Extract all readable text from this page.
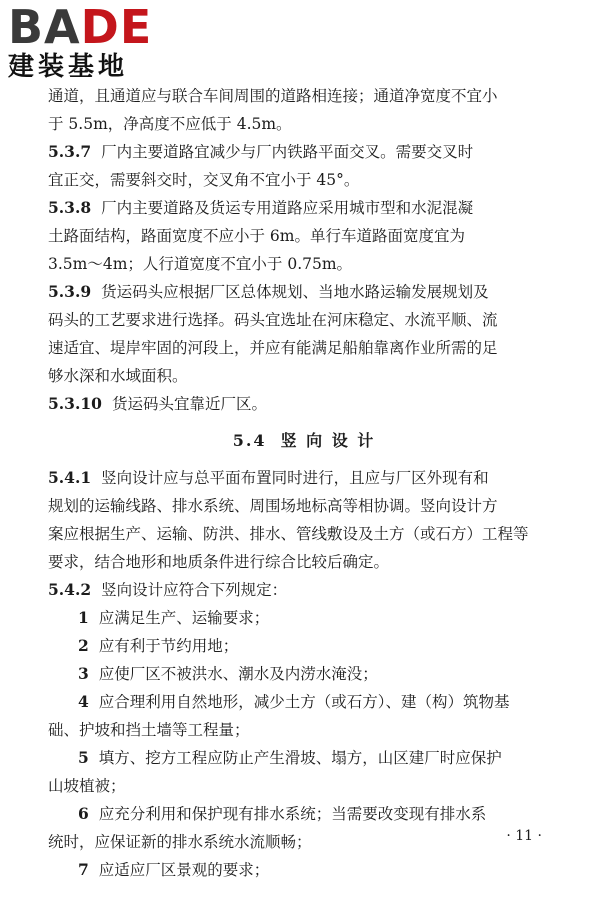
BADE
建装基地
通道，且通道应与联合车间周围的道路相连接；通道净宽度不宜小
于 5.5m，净高度不应低于 4.5m。
5.3.7 厂内主要道路宜减少与厂内铁路平面交叉。需要交叉时
宜正交，需要斜交时，交叉角不宜小于 45°。
5.3.8 厂内主要道路及货运专用道路应采用城市型和水泥混凝
土路面结构，路面宽度不应小于 6m。单行车道路面宽度宜为
3.5m～4m；人行道宽度不宜小于 0.75m。
5.3.9 货运码头应根据厂区总体规划、当地水路运输发展规划及
码头的工艺要求进行选择。码头宜选址在河床稳定、水流平顺、流
速适宜、堤岸牢固的河段上，并应有能满足船舶靠离作业所需的足
够水深和水域面积。
5.3.10 货运码头宜靠近厂区。
5.4 竖 向 设 计
5.4.1 竖向设计应与总平面布置同时进行，且应与厂区外现有和
规划的运输线路、排水系统、周围场地标高等相协调。竖向设计方
案应根据生产、运输、防洪、排水、管线敷设及土方（或石方）工程等
要求，结合地形和地质条件进行综合比较后确定。
5.4.2 竖向设计应符合下列规定：
1 应满足生产、运输要求；
2 应有利于节约用地；
3 应使厂区不被洪水、潮水及内涝水淹没；
4 应合理利用自然地形，减少土方（或石方）、建（构）筑物基
础、护坡和挡土墙等工程量；
5 填方、挖方工程应防止产生滑坡、塌方，山区建厂时应保护
山坡植被；
6 应充分利用和保护现有排水系统；当需要改变现有排水系
统时，应保证新的排水系统水流顺畅；
7 应适应厂区景观的要求；
· 11 ·
